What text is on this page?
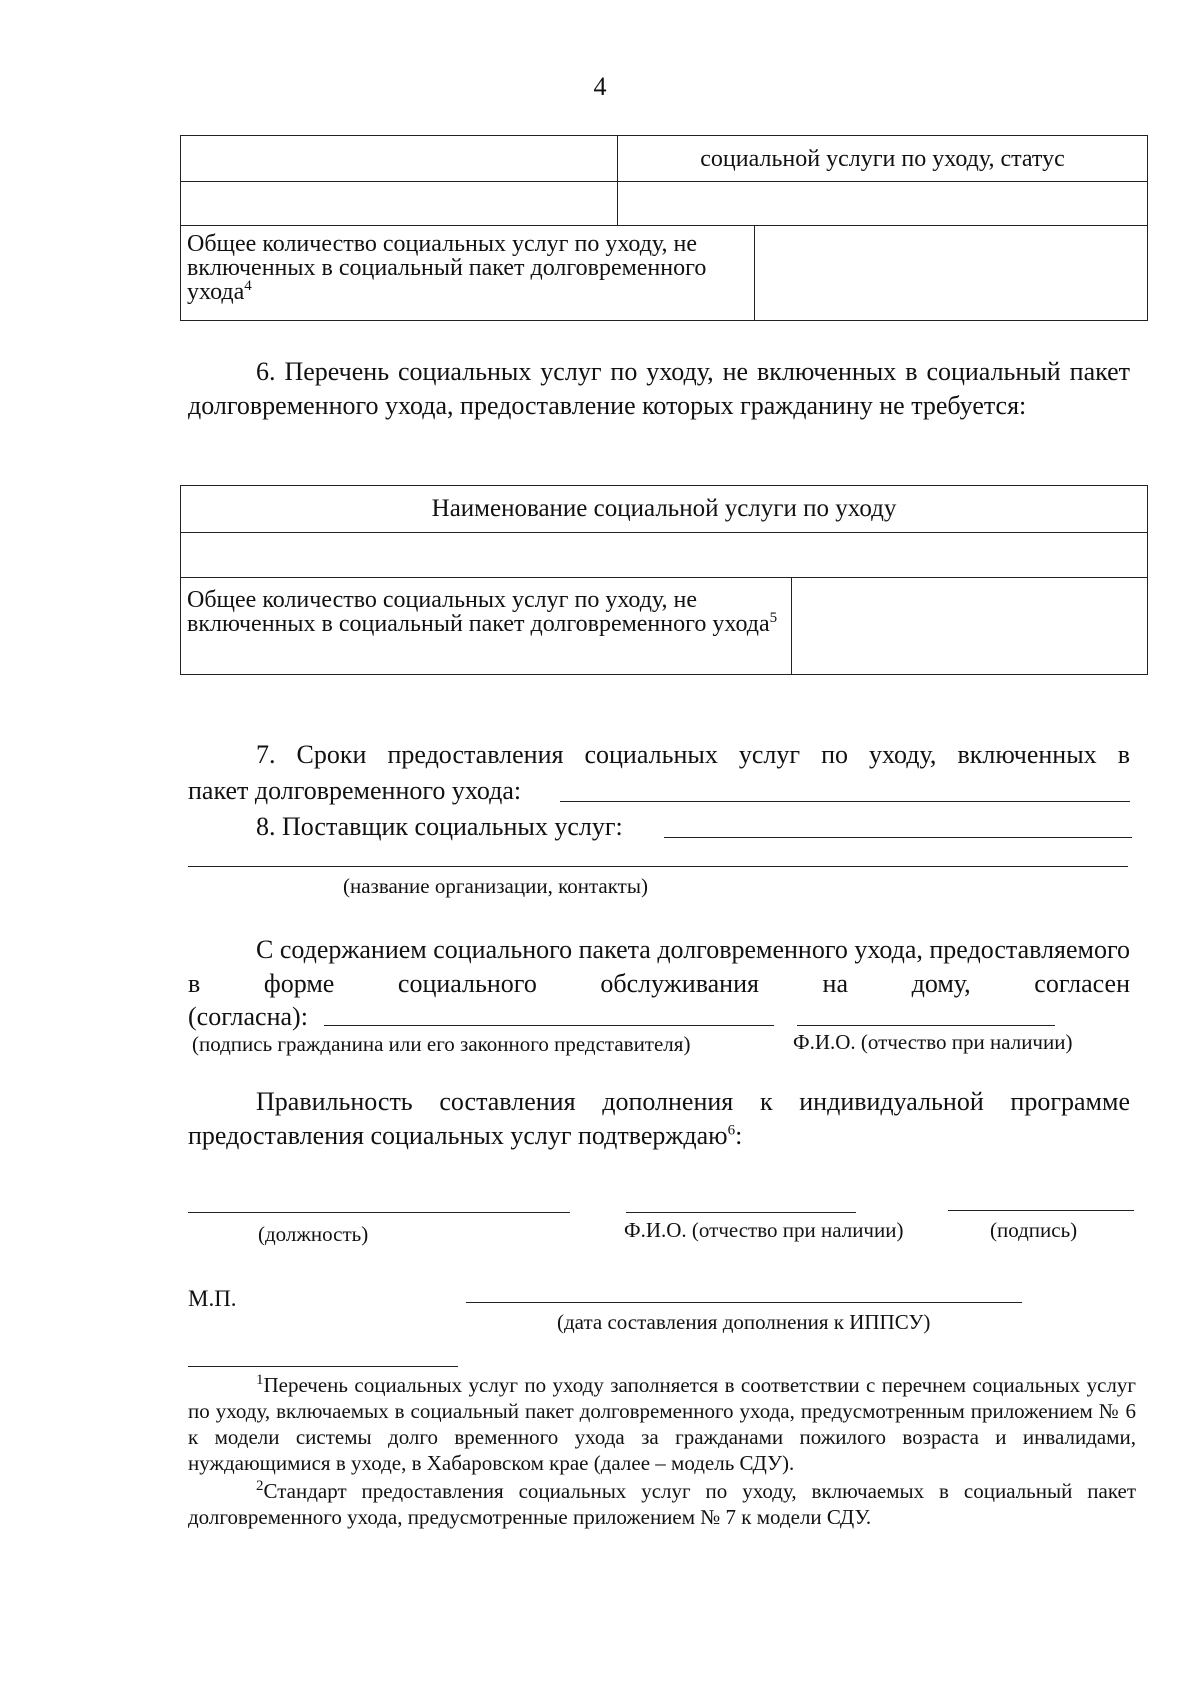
4
	социальной услуги по уходу, статус	

Общее количество социальных услуг по уходу, не включенных в социальный пакет долговременного ухода$^4$	
6. Перечень социальных услуг по уходу, не включенных в социальный пакет долговременного ухода, предоставление которых гражданину не требуется:
Наименование социальной услуги по уходу

Общее количество социальных услуг по уходу, не включенных в социальный пакет долговременного ухода$^5$	
7. Сроки предоставления социальных услуг по уходу, включенных в
пакет долговременного ухода:
8. Поставщик социальных услуг:
(название организации, контакты)
С содержанием социального пакета долговременного ухода, предоставляемого в форме социального обслуживания на дому, согласен
(согласна):
(подпись гражданина или его законного представителя)	Ф.И.О. (отчество при наличии)
Правильность составления дополнения к индивидуальной программе предоставления социальных услуг подтверждаю$^6$:
(должность)	Ф.И.О. (отчество при наличии)	(подпись)
М.П.
(дата составления дополнения к ИППСУ)
$^1$Перечень социальных услуг по уходу заполняется в соответствии с перечнем социальных услуг по уходу, включаемых в социальный пакет долговременного ухода, предусмотренным приложением № 6 к модели системы долго временного ухода за гражданами пожилого возраста и инвалидами, нуждающимися в уходе, в Хабаровском крае (далее – модель СДУ).
$^2$Стандарт предоставления социальных услуг по уходу, включаемых в социальный пакет долговременного ухода, предусмотренные приложением № 7 к модели СДУ.
